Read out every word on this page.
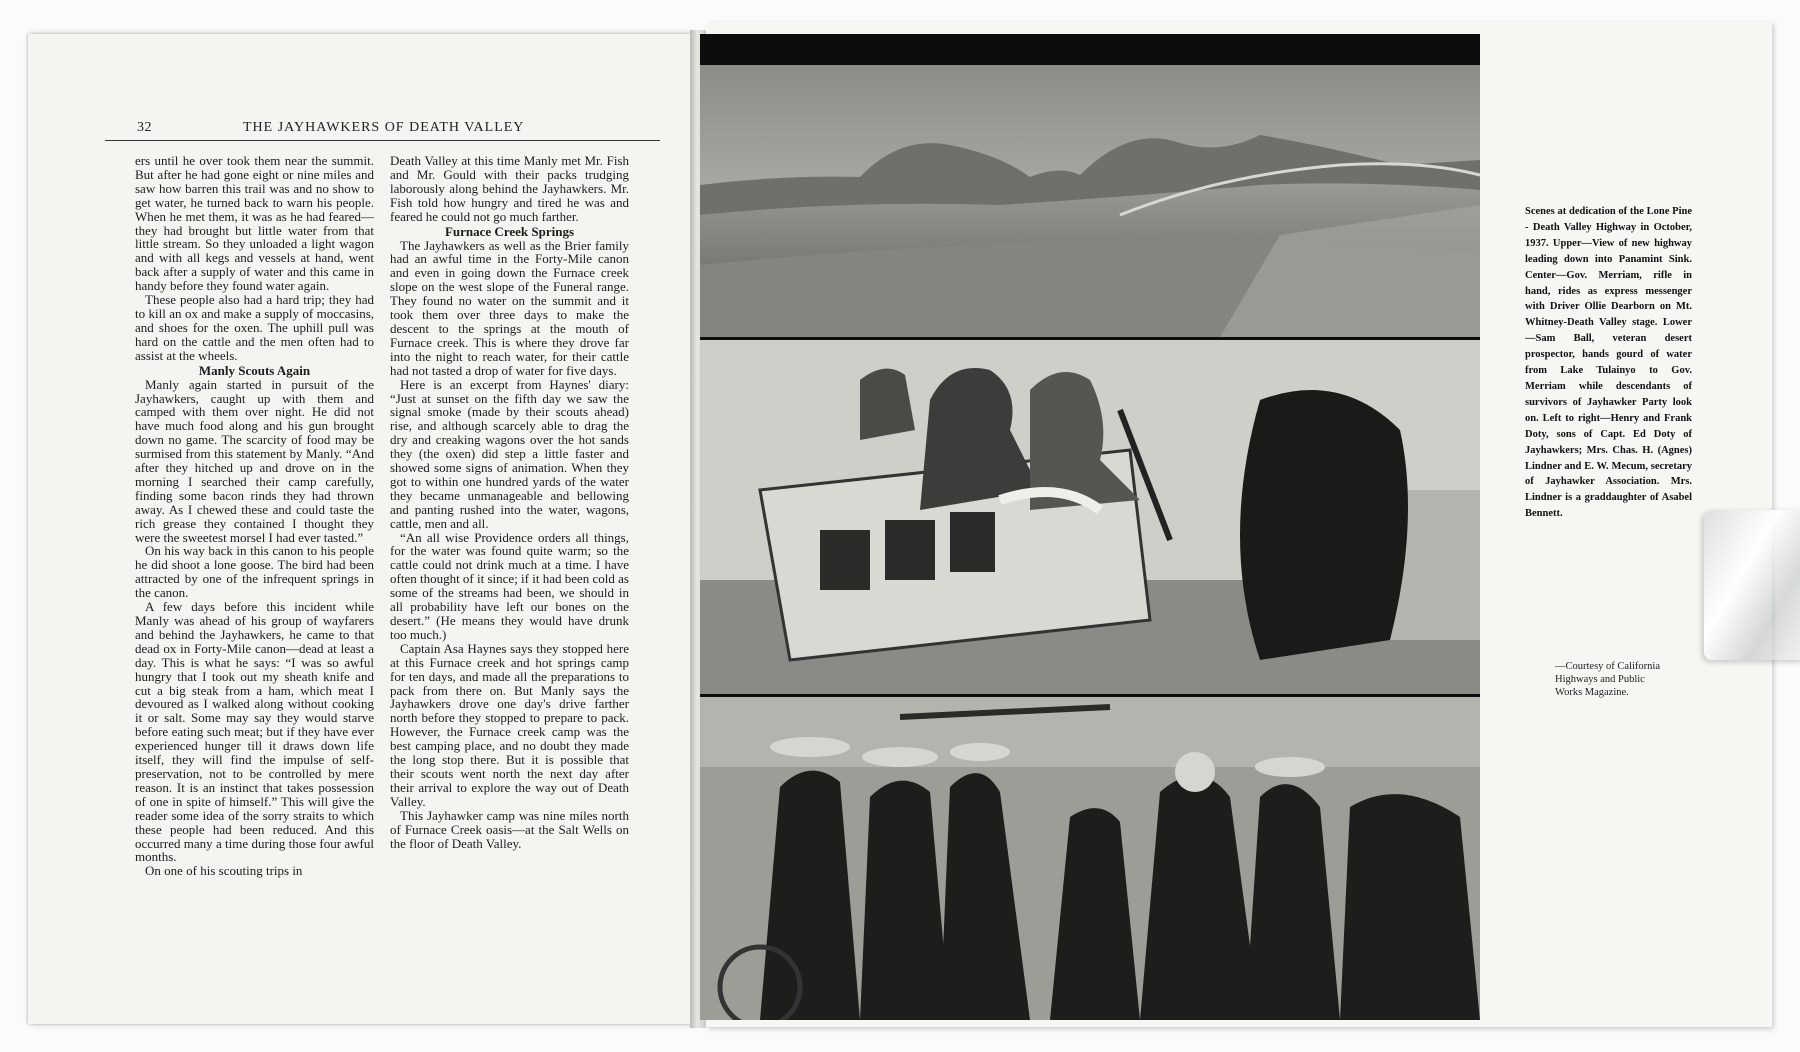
32	THE JAYHAWKERS OF DEATH VALLEY

ers until he over took them near the summit. But after he had gone eight or nine miles and saw how barren this trail was and no show to get water, he turned back to warn his people. When he met them, it was as he had feared—they had brought but little water from that little stream. So they unloaded a light wagon and with all kegs and vessels at hand, went back after a supply of water and this came in handy before they found water again.

These people also had a hard trip; they had to kill an ox and make a supply of moccasins, and shoes for the oxen. The uphill pull was hard on the cattle and the men often had to assist at the wheels.

Manly Scouts Again

Manly again started in pursuit of the Jayhawkers, caught up with them and camped with them over night. He did not have much food along and his gun brought down no game. The scarcity of food may be surmised from this statement by Manly. “And after they hitched up and drove on in the morning I searched their camp carefully, finding some bacon rinds they had thrown away. As I chewed these and could taste the rich grease they contained I thought they were the sweetest morsel I had ever tasted.”

On his way back in this canon to his people he did shoot a lone goose. The bird had been attracted by one of the infrequent springs in the canon.

A few days before this incident while Manly was ahead of his group of wayfarers and behind the Jayhawkers, he came to that dead ox in Forty-Mile canon—dead at least a day. This is what he says: “I was so awful hungry that I took out my sheath knife and cut a big steak from a ham, which meat I devoured as I walked along without cooking it or salt. Some may say they would starve before eating such meat; but if they have ever experienced hunger till it draws down life itself, they will find the impulse of self-preservation, not to be controlled by mere reason. It is an instinct that takes possession of one in spite of himself.” This will give the reader some idea of the sorry straits to which these people had been reduced. And this occurred many a time during those four awful months.

On one of his scouting trips in

Death Valley at this time Manly met Mr. Fish and Mr. Gould with their packs trudging laborously along behind the Jayhawkers. Mr. Fish told how hungry and tired he was and feared he could not go much farther.

Furnace Creek Springs

The Jayhawkers as well as the Brier family had an awful time in the Forty-Mile canon and even in going down the Furnace creek slope on the west slope of the Funeral range. They found no water on the summit and it took them over three days to make the descent to the springs at the mouth of Furnace creek. This is where they drove far into the night to reach water, for their cattle had not tasted a drop of water for five days.

Here is an excerpt from Haynes' diary: “Just at sunset on the fifth day we saw the signal smoke (made by their scouts ahead) rise, and although scarcely able to drag the dry and creaking wagons over the hot sands they (the oxen) did step a little faster and showed some signs of animation. When they got to within one hundred yards of the water they became unmanageable and bellowing and panting rushed into the water, wagons, cattle, men and all.

“An all wise Providence orders all things, for the water was found quite warm; so the cattle could not drink much at a time. I have often thought of it since; if it had been cold as some of the streams had been, we should in all probability have left our bones on the desert.” (He means they would have drunk too much.)

Captain Asa Haynes says they stopped here at this Furnace creek and hot springs camp for ten days, and made all the preparations to pack from there on. But Manly says the Jayhawkers drove one day's drive farther north before they stopped to prepare to pack. However, the Furnace creek camp was the best camping place, and no doubt they made the long stop there. But it is possible that their scouts went north the next day after their arrival to explore the way out of Death Valley.

This Jayhawker camp was nine miles north of Furnace Creek oasis—at the Salt Wells on the floor of Death Valley.

Scenes at dedication of the Lone Pine - Death Valley Highway in October, 1937. Upper—View of new highway leading down into Panamint Sink. Center—Gov. Merriam, rifle in hand, rides as express messenger with Driver Ollie Dearborn on Mt. Whitney-Death Valley stage. Lower—Sam Ball, veteran desert prospector, hands gourd of water from Lake Tulainyo to Gov. Merriam while descendants of survivors of Jayhawker Party look on. Left to right—Henry and Frank Doty, sons of Capt. Ed Doty of Jayhawkers; Mrs. Chas. H. (Agnes) Lindner and E. W. Mecum, secretary of Jayhawker Association. Mrs. Lindner is a graddaughter of Asabel Bennett.
—Courtesy of California
Highways and Public
Works Magazine.
